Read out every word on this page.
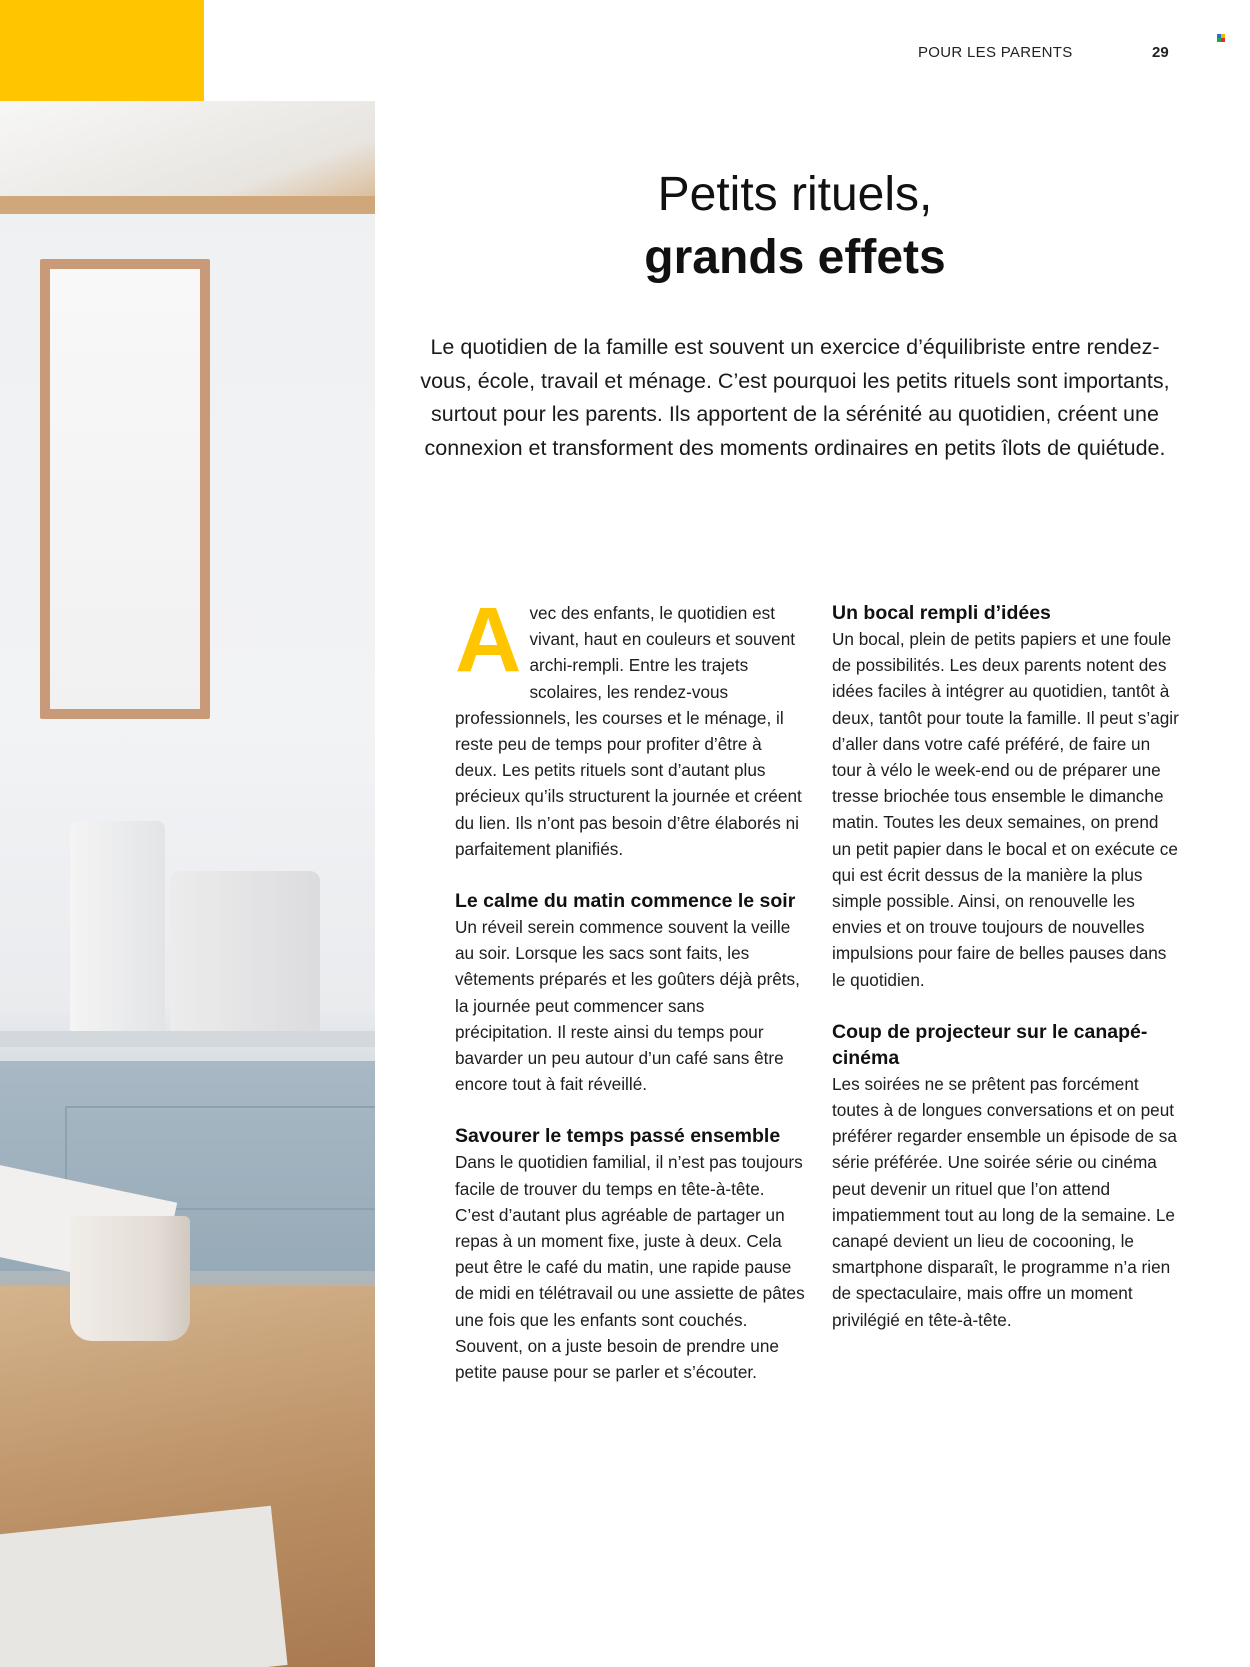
POUR LES PARENTS	29
Petits rituels,
grands effets

Le quotidien de la famille est souvent un exercice d’équilibriste entre rendez-vous, école, travail et ménage. C’est pourquoi les petits rituels sont importants, surtout pour les parents. Ils apportent de la sérénité au quotidien, créent une connexion et transforment des moments ordinaires en petits îlots de quiétude.

Avec des enfants, le quotidien est vivant, haut en couleurs et souvent archi-rempli. Entre les trajets scolaires, les rendez-vous professionnels, les courses et le ménage, il reste peu de temps pour profiter d’être à deux. Les petits rituels sont d’autant plus précieux qu’ils structurent la journée et créent du lien. Ils n’ont pas besoin d’être élaborés ni parfaitement planifiés.

Le calme du matin commence le soir

Un réveil serein commence souvent la veille au soir. Lorsque les sacs sont faits, les vêtements préparés et les goûters déjà prêts, la journée peut commencer sans précipitation. Il reste ainsi du temps pour bavarder un peu autour d’un café sans être encore tout à fait réveillé.

Savourer le temps passé ensemble

Dans le quotidien familial, il n’est pas toujours facile de trouver du temps en tête-à-tête. C’est d’autant plus agréable de partager un repas à un moment fixe, juste à deux. Cela peut être le café du matin, une rapide pause de midi en télétravail ou une assiette de pâtes une fois que les enfants sont couchés. Souvent, on a juste besoin de prendre une petite pause pour se parler et s’écouter.

Un bocal rempli d’idées

Un bocal, plein de petits papiers et une foule de possibilités. Les deux parents notent des idées faciles à intégrer au quotidien, tantôt à deux, tantôt pour toute la famille. Il peut s’agir d’aller dans votre café préféré, de faire un tour à vélo le week-end ou de préparer une tresse briochée tous ensemble le dimanche matin. Toutes les deux semaines, on prend un petit papier dans le bocal et on exécute ce qui est écrit dessus de la manière la plus simple possible. Ainsi, on renouvelle les envies et on trouve toujours de nouvelles impulsions pour faire de belles pauses dans le quotidien.

Coup de projecteur sur le canapé-cinéma

Les soirées ne se prêtent pas forcément toutes à de longues conversations et on peut préférer regarder ensemble un épisode de sa série préférée. Une soirée série ou cinéma peut devenir un rituel que l’on attend impatiemment tout au long de la semaine. Le canapé devient un lieu de cocooning, le smartphone disparaît, le programme n’a rien de spectaculaire, mais offre un moment privilégié en tête-à-tête.
